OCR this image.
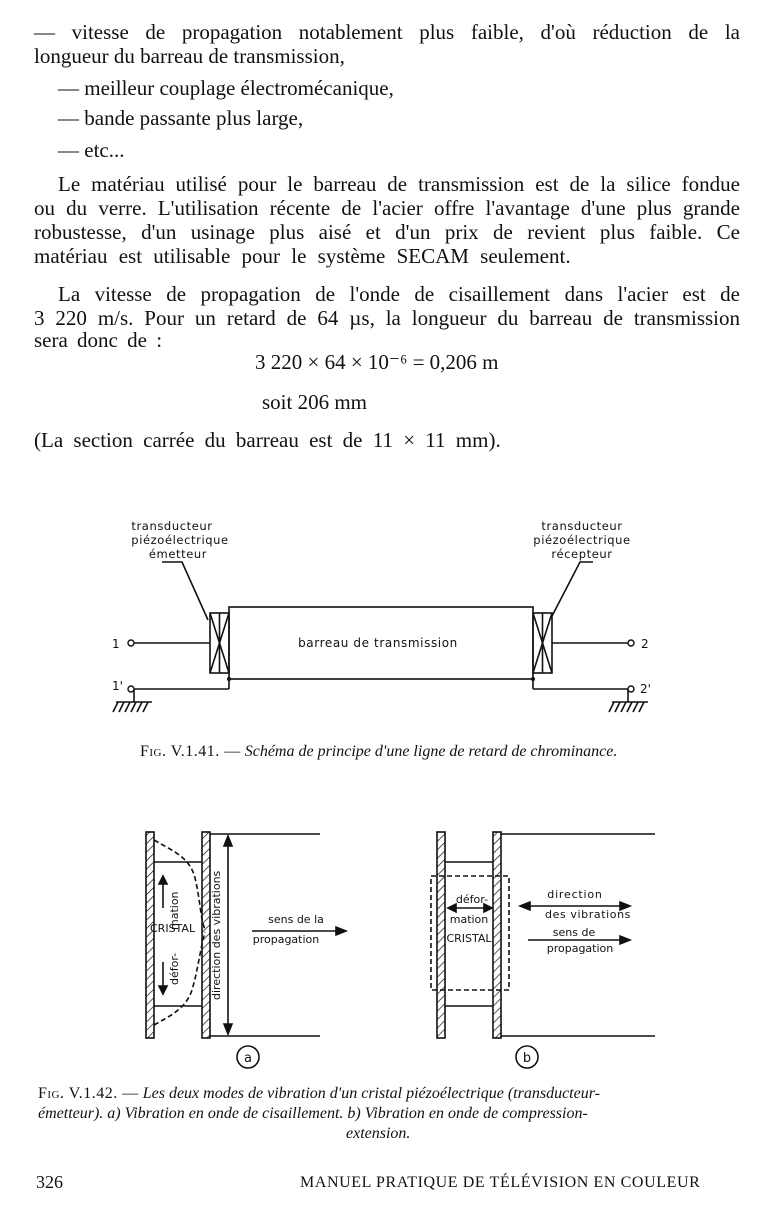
— vitesse de propagation notablement plus faible, d'où réduction de la
longueur du barreau de transmission,
— meilleur couplage électromécanique,
— bande passante plus large,
— etc...
Le matériau utilisé pour le barreau de transmission est de la silice fondue
ou du verre. L'utilisation récente de l'acier offre l'avantage d'une plus grande
robustesse, d'un usinage plus aisé et d'un prix de revient plus faible. Ce
matériau est utilisable pour le système SECAM seulement.
La vitesse de propagation de l'onde de cisaillement dans l'acier est de
3 220 m/s. Pour un retard de 64 µs, la longueur du barreau de transmission
sera donc de :
3 220 × 64 × 10⁻⁶ = 0,206 m
soit 206 mm
(La section carrée du barreau est de 11 × 11 mm).
transducteur
piézoélectrique
émetteur
transducteur
piézoélectrique
récepteur
barreau de transmission
1
1'
2
2'
Fig. V.1.41. — Schéma de principe d'une ligne de retard de chrominance.
CRISTAL
mation
défor-	direction des vibrations	sens de la
propagation
a
défor-
mation
CRISTAL
direction
des vibrations
sens de
propagation
b
Fig. V.1.42. — Les deux modes de vibration d'un cristal piézoélectrique (transducteur-
émetteur). a) Vibration en onde de cisaillement. b) Vibration en onde de compression-
extension.
326	MANUEL PRATIQUE DE TÉLÉVISION EN COULEUR
